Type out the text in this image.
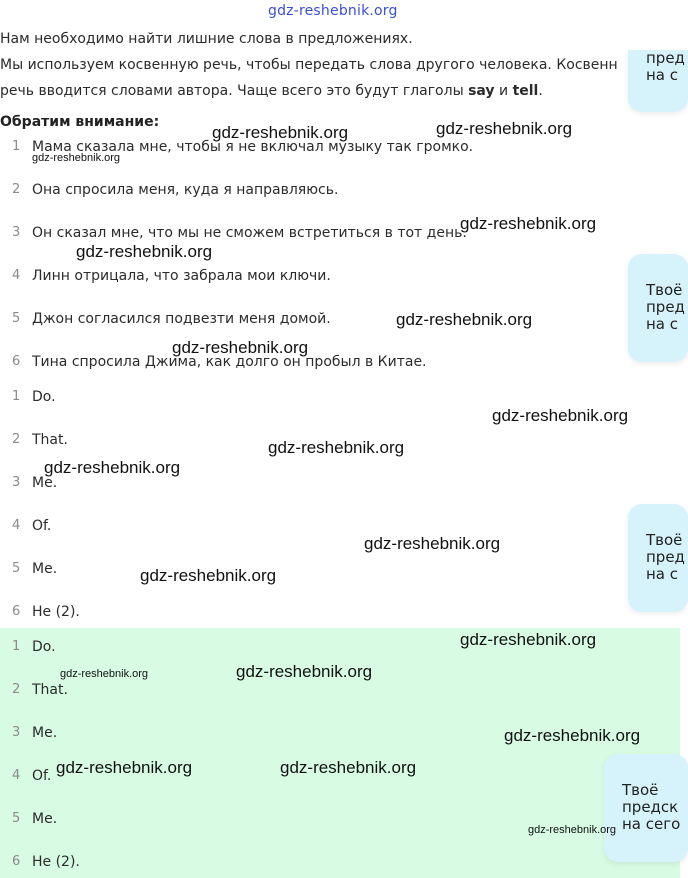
gdz-reshebnik.org
Нам необходимо найти лишние слова в предложениях.
Мы используем косвенную речь, чтобы передать слова другого человека. Косвенн
речь вводится словами автора. Чаще всего это будут глаголы say и tell.
Обратим внимание:
1 Мама сказала мне, чтобы я не включал музыку так громко.
2 Она спросила меня, куда я направляюсь.
3 Он сказал мне, что мы не сможем встретиться в тот день.
4 Линн отрицала, что забрала мои ключи.
5 Джон согласился подвезти меня домой.
6 Тина спросила Джима, как долго он пробыл в Китае.
1 Do.
2 That.
3 Me.
4 Of.
5 Me.
6 He (2).
1 Do.
2 That.
3 Me.
4 Of.
5 Me.
6 He (2).
пред
на с
Твоё
пред
на с
Твоё
пред
на с
Твоё
предск
на сего
gdz-reshebnik.org	gdz-reshebnik.org
gdz-reshebnik.org
gdz-reshebnik.org
gdz-reshebnik.org
gdz-reshebnik.org
gdz-reshebnik.org
gdz-reshebnik.org
gdz-reshebnik.org
gdz-reshebnik.org
gdz-reshebnik.org
gdz-reshebnik.org
gdz-reshebnik.org
gdz-reshebnik.org	gdz-reshebnik.org
gdz-reshebnik.org
gdz-reshebnik.org	gdz-reshebnik.org
gdz-reshebnik.org
